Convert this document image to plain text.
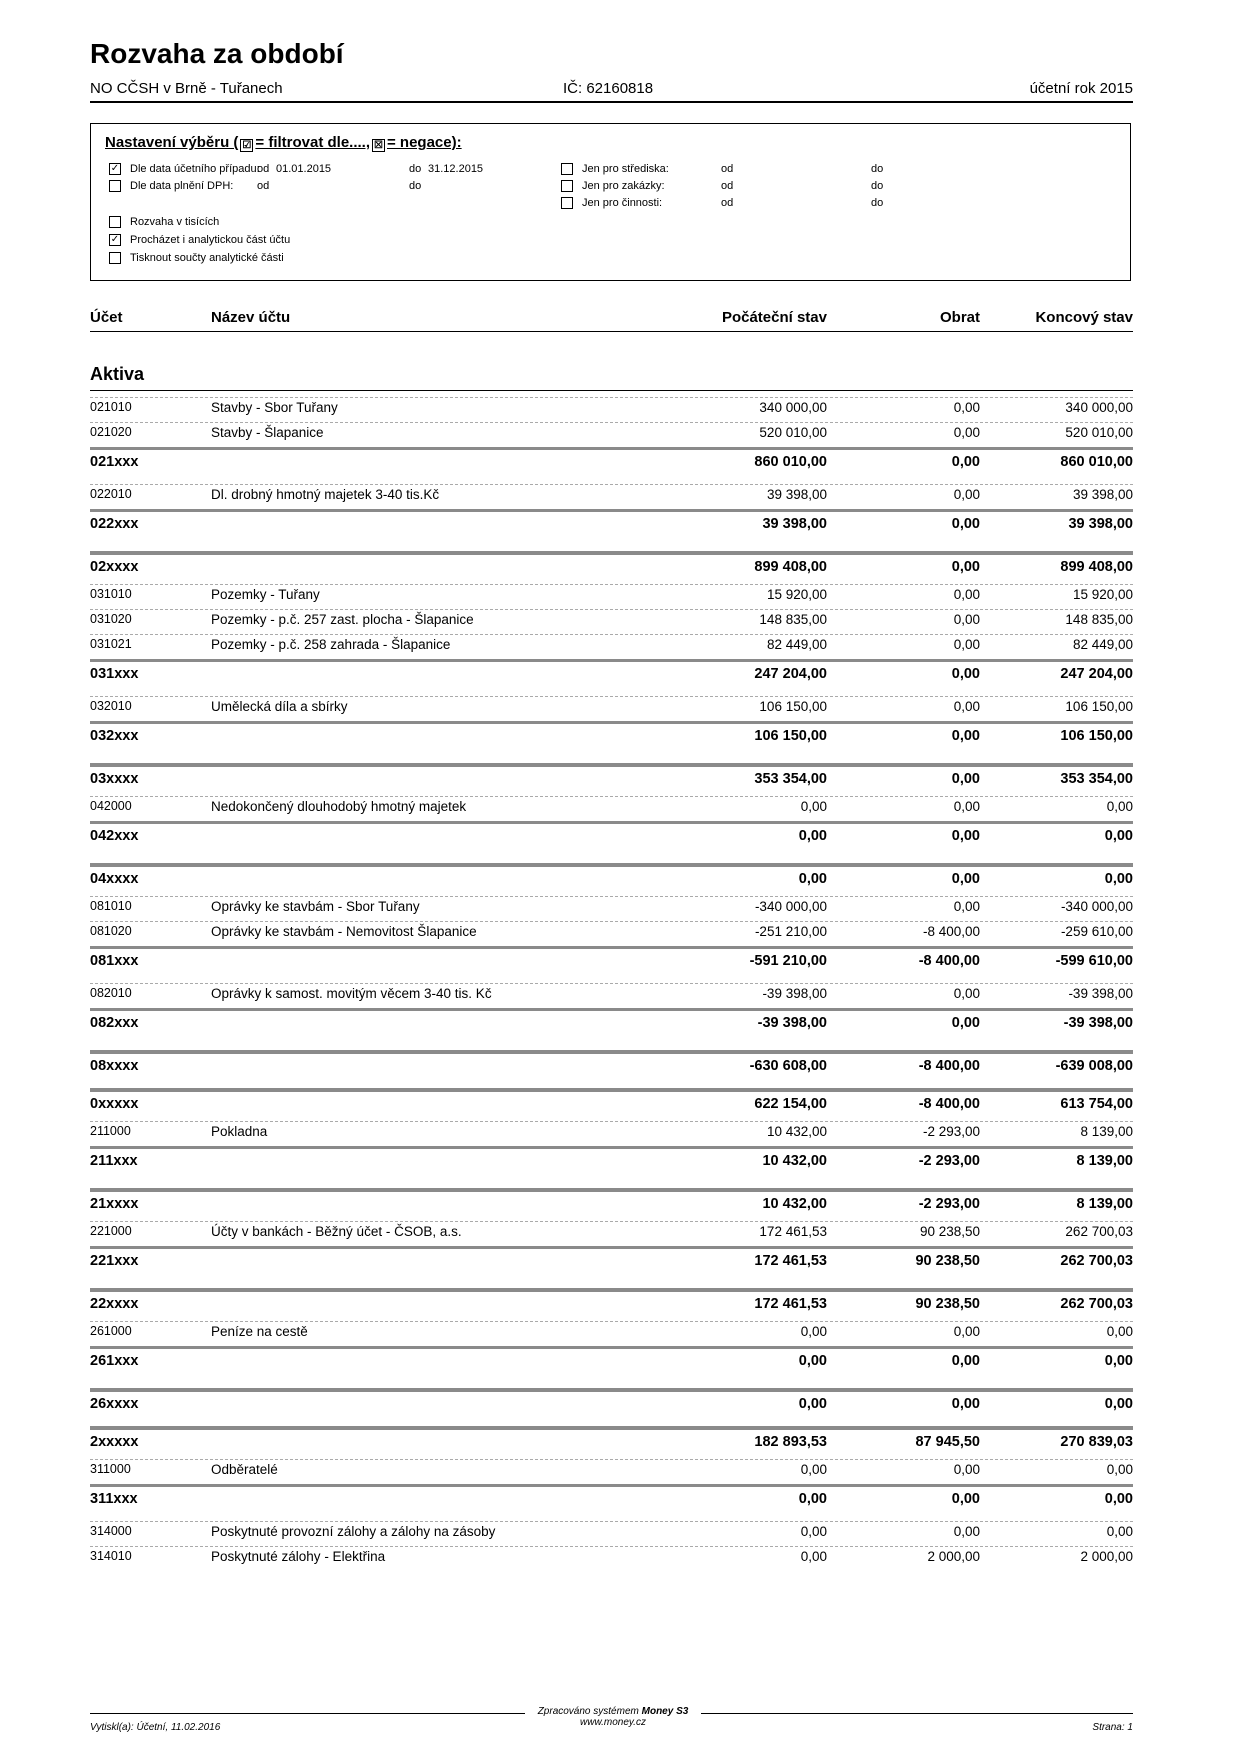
Rozvaha za období
NO CČSH v Brně - Tuřanech	IČ: 62160818	účetní rok 2015
Nastavení výběru ( ☑ = filtrovat dle...., ☒ = negace):
✓ Dle data účetního případu:
od 01.01.2015	do 31.12.2015
Dle data plnění DPH: od	do
Jen pro střediska:	od	do
Jen pro zakázky:	od	do
Jen pro činnosti:	od	do
Rozvaha v tisících
✓ Procházet i analytickou část účtu
Tisknout součty analytické části
Účet	Název účtu	Počáteční stav	Obrat	Koncový stav
Aktiva
021010	Stavby - Sbor Tuřany	340 000,00	0,00	340 000,00
021020	Stavby - Šlapanice	520 010,00	0,00	520 010,00
021xxx	860 010,00	0,00	860 010,00
022010	Dl. drobný hmotný majetek 3-40 tis.Kč	39 398,00	0,00	39 398,00
022xxx	39 398,00	0,00	39 398,00
02xxxx	899 408,00	0,00	899 408,00
031010	Pozemky - Tuřany	15 920,00	0,00	15 920,00
031020	Pozemky - p.č. 257 zast. plocha - Šlapanice	148 835,00	0,00	148 835,00
031021	Pozemky - p.č. 258 zahrada - Šlapanice	82 449,00	0,00	82 449,00
031xxx	247 204,00	0,00	247 204,00
032010	Umělecká díla a sbírky	106 150,00	0,00	106 150,00
032xxx	106 150,00	0,00	106 150,00
03xxxx	353 354,00	0,00	353 354,00
042000	Nedokončený dlouhodobý hmotný majetek	0,00	0,00	0,00
042xxx	0,00	0,00	0,00
04xxxx	0,00	0,00	0,00
081010	Oprávky ke stavbám - Sbor Tuřany	-340 000,00	0,00	-340 000,00
081020	Oprávky ke stavbám - Nemovitost Šlapanice	-251 210,00	-8 400,00	-259 610,00
081xxx	-591 210,00	-8 400,00	-599 610,00
082010	Oprávky k samost. movitým věcem 3-40 tis. Kč	-39 398,00	0,00	-39 398,00
082xxx	-39 398,00	0,00	-39 398,00
08xxxx	-630 608,00	-8 400,00	-639 008,00
0xxxxx	622 154,00	-8 400,00	613 754,00
211000	Pokladna	10 432,00	-2 293,00	8 139,00
211xxx	10 432,00	-2 293,00	8 139,00
21xxxx	10 432,00	-2 293,00	8 139,00
221000	Účty v bankách - Běžný účet - ČSOB, a.s.	172 461,53	90 238,50	262 700,03
221xxx	172 461,53	90 238,50	262 700,03
22xxxx	172 461,53	90 238,50	262 700,03
261000	Peníze na cestě	0,00	0,00	0,00
261xxx	0,00	0,00	0,00
26xxxx	0,00	0,00	0,00
2xxxxx	182 893,53	87 945,50	270 839,03
311000	Odběratelé	0,00	0,00	0,00
311xxx	0,00	0,00	0,00
314000	Poskytnuté provozní zálohy a zálohy na zásoby	0,00	0,00	0,00
314010	Poskytnuté zálohy - Elektřina	0,00	2 000,00	2 000,00
Zpracováno systémem Money S3
www.money.cz
Vytiskl(a): Účetní, 11.02.2016	Strana: 1
